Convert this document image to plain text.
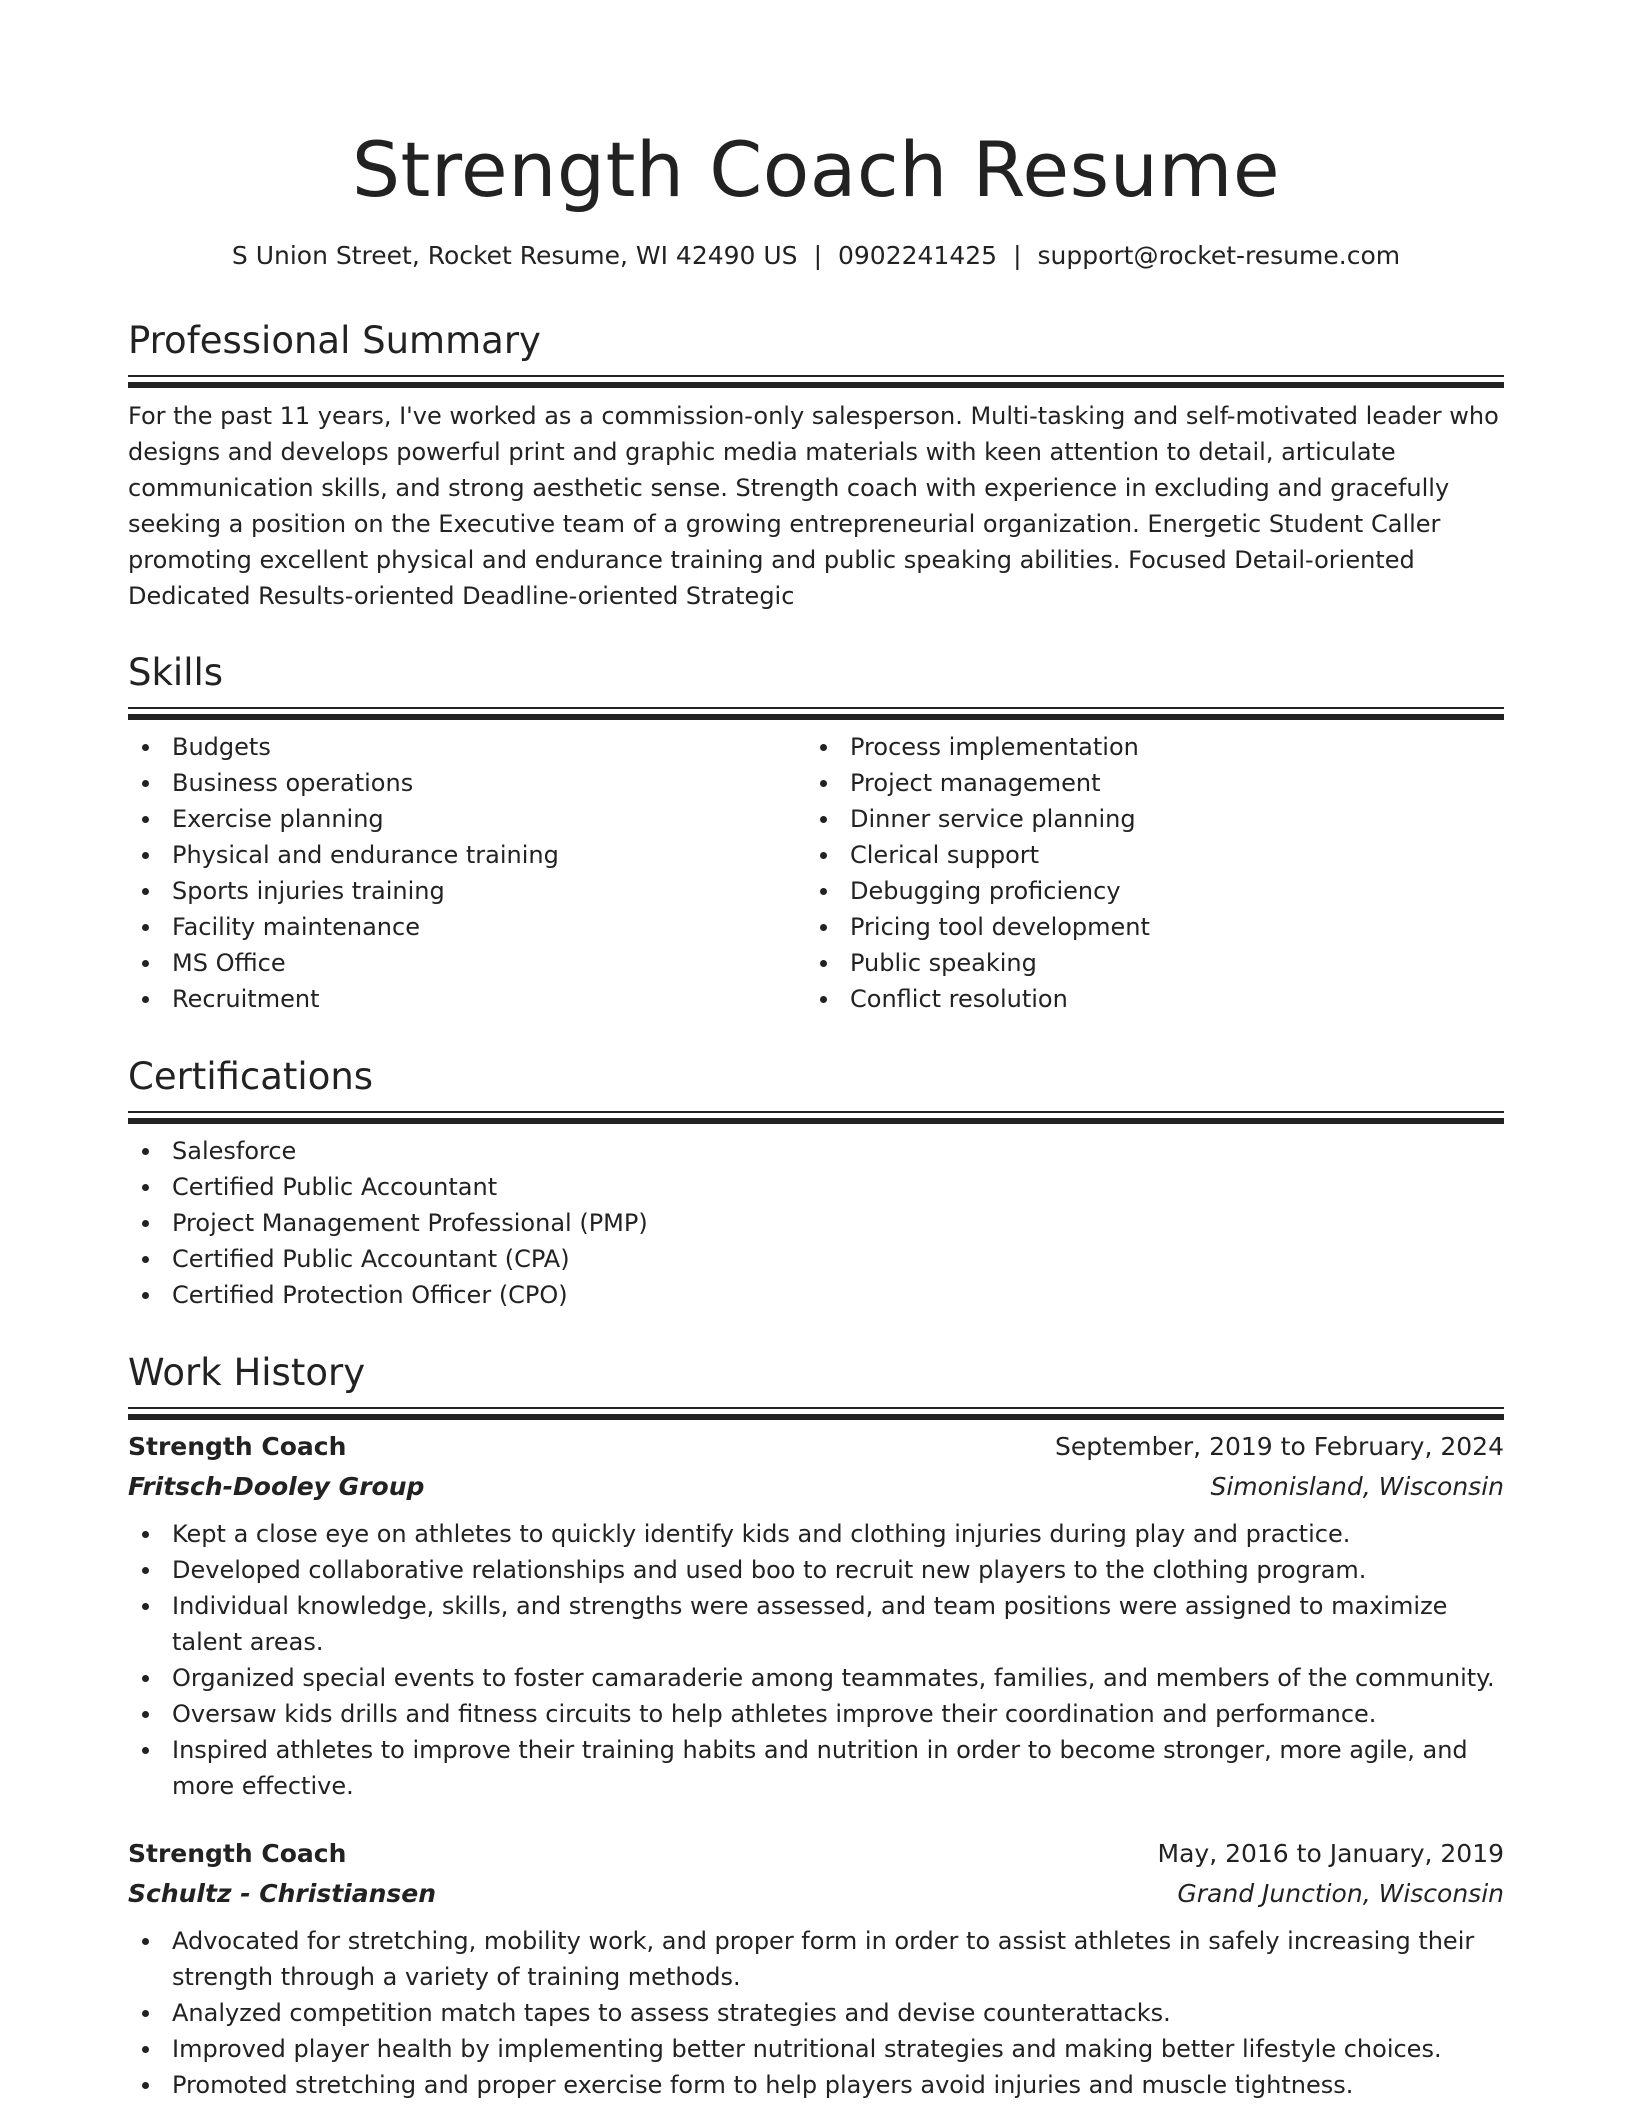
Strength Coach Resume
S Union Street, Rocket Resume, WI 42490 US | 0902241425 | support@rocket-resume.com
Professional Summary

For the past 11 years, I've worked as a commission-only salesperson. Multi-tasking and self-motivated leader who designs and develops powerful print and graphic media materials with keen attention to detail, articulate communication skills, and strong aesthetic sense. Strength coach with experience in excluding and gracefully seeking a position on the Executive team of a growing entrepreneurial organization. Energetic Student Caller promoting excellent physical and endurance training and public speaking abilities. Focused Detail-oriented Dedicated Results-oriented Deadline-oriented Strategic

Skills
Budgets
Business operations
Exercise planning
Physical and endurance training
Sports injuries training
Facility maintenance
MS Office
Recruitment
Process implementation
Project management
Dinner service planning
Clerical support
Debugging proficiency
Pricing tool development
Public speaking
Conflict resolution
Certifications
Salesforce
Certified Public Accountant
Project Management Professional (PMP)
Certified Public Accountant (CPA)
Certified Protection Officer (CPO)
Work History
Strength Coach	September, 2019 to February, 2024
Fritsch-Dooley Group	Simonisland, Wisconsin
Kept a close eye on athletes to quickly identify kids and clothing injuries during play and practice.
Developed collaborative relationships and used boo to recruit new players to the clothing program.
Individual knowledge, skills, and strengths were assessed, and team positions were assigned to maximize talent areas.
Organized special events to foster camaraderie among teammates, families, and members of the community.
Oversaw kids drills and fitness circuits to help athletes improve their coordination and performance.
Inspired athletes to improve their training habits and nutrition in order to become stronger, more agile, and more effective.
Strength Coach	May, 2016 to January, 2019
Schultz - Christiansen	Grand Junction, Wisconsin
Advocated for stretching, mobility work, and proper form in order to assist athletes in safely increasing their strength through a variety of training methods.
Analyzed competition match tapes to assess strategies and devise counterattacks.
Improved player health by implementing better nutritional strategies and making better lifestyle choices.
Promoted stretching and proper exercise form to help players avoid injuries and muscle tightness.
